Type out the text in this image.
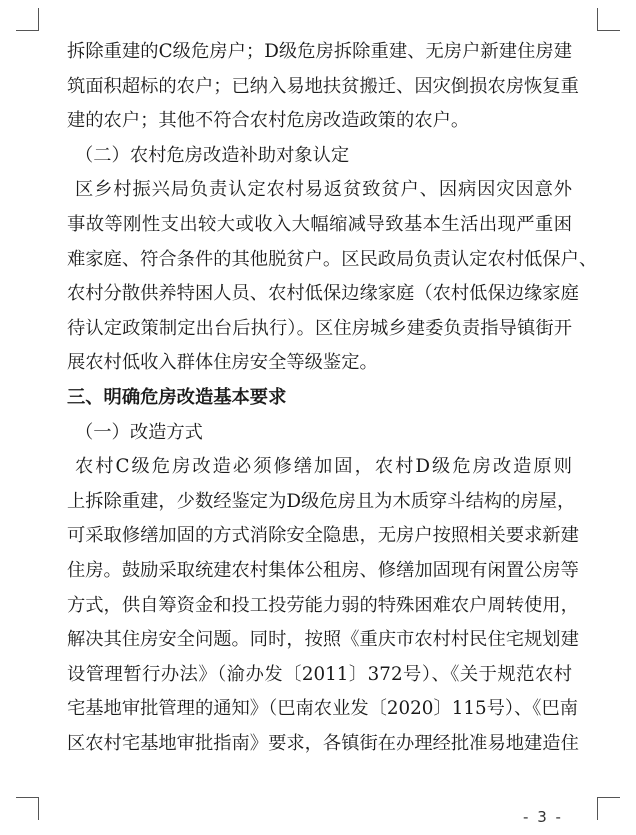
拆除重建的C级危房户；D级危房拆除重建、无房户新建住房建
筑面积超标的农户；已纳入易地扶贫搬迁、因灾倒损农房恢复重
建的农户；其他不符合农村危房改造政策的农户。
（二）农村危房改造补助对象认定
区乡村振兴局负责认定农村易返贫致贫户、因病因灾因意外
事故等刚性支出较大或收入大幅缩减导致基本生活出现严重困
难家庭、符合条件的其他脱贫户。区民政局负责认定农村低保户、
农村分散供养特困人员、农村低保边缘家庭（农村低保边缘家庭
待认定政策制定出台后执行）。区住房城乡建委负责指导镇街开
展农村低收入群体住房安全等级鉴定。
三、明确危房改造基本要求
（一）改造方式
农村C级危房改造必须修缮加固，农村D级危房改造原则
上拆除重建，少数经鉴定为D级危房且为木质穿斗结构的房屋，
可采取修缮加固的方式消除安全隐患，无房户按照相关要求新建
住房。鼓励采取统建农村集体公租房、修缮加固现有闲置公房等
方式，供自筹资金和投工投劳能力弱的特殊困难农户周转使用，
解决其住房安全问题。同时，按照《重庆市农村村民住宅规划建
设管理暂行办法》（渝办发〔2011〕372号）、《关于规范农村
宅基地审批管理的通知》（巴南农业发〔2020〕115号）、《巴南
区农村宅基地审批指南》要求，各镇街在办理经批准易地建造住
- 3 -
